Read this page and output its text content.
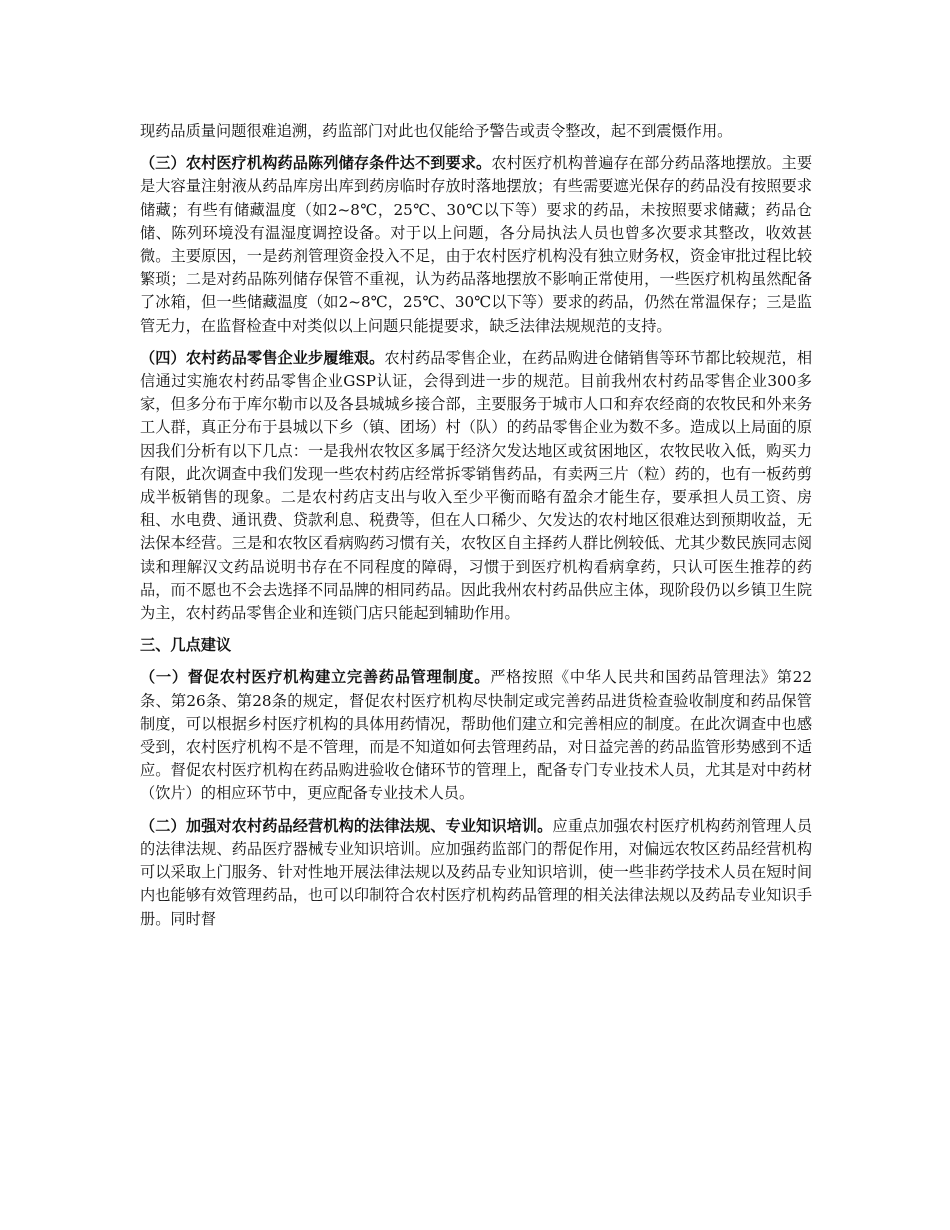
现药品质量问题很难追溯，药监部门对此也仅能给予警告或责令整改，起不到震慑作用。

（三）农村医疗机构药品陈列储存条件达不到要求。农村医疗机构普遍存在部分药品落地摆放。主要是大容量注射液从药品库房出库到药房临时存放时落地摆放；有些需要遮光保存的药品没有按照要求储藏；有些有储藏温度（如2~8℃，25℃、30℃以下等）要求的药品，未按照要求储藏；药品仓储、陈列环境没有温湿度调控设备。对于以上问题，各分局执法人员也曾多次要求其整改，收效甚微。主要原因，一是药剂管理资金投入不足，由于农村医疗机构没有独立财务权，资金审批过程比较繁琐；二是对药品陈列储存保管不重视，认为药品落地摆放不影响正常使用，一些医疗机构虽然配备了冰箱，但一些储藏温度（如2~8℃，25℃、30℃以下等）要求的药品，仍然在常温保存；三是监管无力，在监督检查中对类似以上问题只能提要求，缺乏法律法规规范的支持。

（四）农村药品零售企业步履维艰。农村药品零售企业，在药品购进仓储销售等环节都比较规范，相信通过实施农村药品零售企业GSP认证，会得到进一步的规范。目前我州农村药品零售企业300多家，但多分布于库尔勒市以及各县城城乡接合部，主要服务于城市人口和弃农经商的农牧民和外来务工人群，真正分布于县城以下乡（镇、团场）村（队）的药品零售企业为数不多。造成以上局面的原因我们分析有以下几点：一是我州农牧区多属于经济欠发达地区或贫困地区，农牧民收入低，购买力有限，此次调查中我们发现一些农村药店经常拆零销售药品，有卖两三片（粒）药的，也有一板药剪成半板销售的现象。二是农村药店支出与收入至少平衡而略有盈余才能生存，要承担人员工资、房租、水电费、通讯费、贷款利息、税费等，但在人口稀少、欠发达的农村地区很难达到预期收益，无法保本经营。三是和农牧区看病购药习惯有关，农牧区自主择药人群比例较低、尤其少数民族同志阅读和理解汉文药品说明书存在不同程度的障碍，习惯于到医疗机构看病拿药，只认可医生推荐的药品，而不愿也不会去选择不同品牌的相同药品。因此我州农村药品供应主体，现阶段仍以乡镇卫生院为主，农村药品零售企业和连锁门店只能起到辅助作用。

三、几点建议

（一）督促农村医疗机构建立完善药品管理制度。严格按照《中华人民共和国药品管理法》第22条、第26条、第28条的规定，督促农村医疗机构尽快制定或完善药品进货检查验收制度和药品保管制度，可以根据乡村医疗机构的具体用药情况，帮助他们建立和完善相应的制度。在此次调查中也感受到，农村医疗机构不是不管理，而是不知道如何去管理药品，对日益完善的药品监管形势感到不适应。督促农村医疗机构在药品购进验收仓储环节的管理上，配备专门专业技术人员，尤其是对中药材（饮片）的相应环节中，更应配备专业技术人员。

（二）加强对农村药品经营机构的法律法规、专业知识培训。应重点加强农村医疗机构药剂管理人员的法律法规、药品医疗器械专业知识培训。应加强药监部门的帮促作用，对偏远农牧区药品经营机构可以采取上门服务、针对性地开展法律法规以及药品专业知识培训，使一些非药学技术人员在短时间内也能够有效管理药品，也可以印制符合农村医疗机构药品管理的相关法律法规以及药品专业知识手册。同时督
